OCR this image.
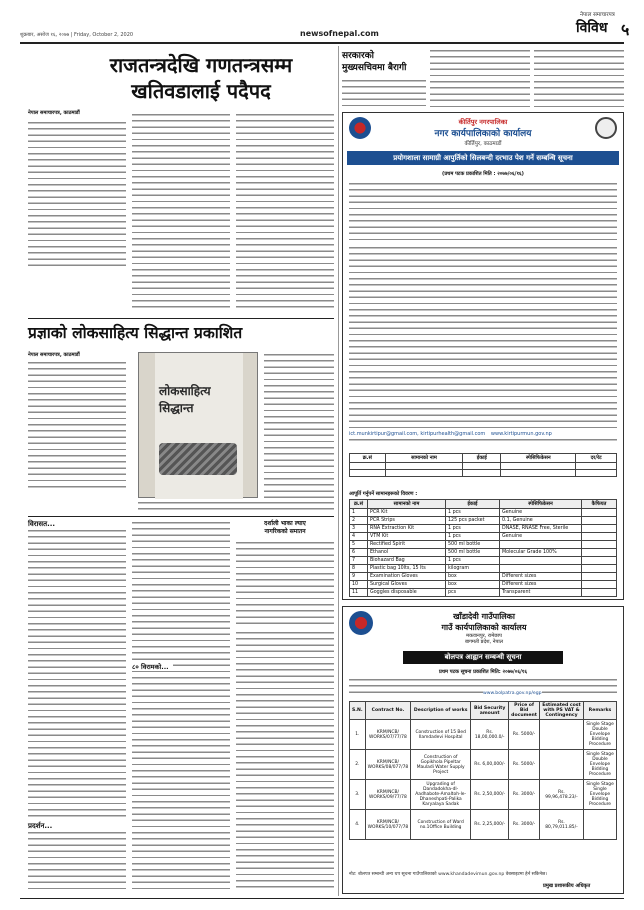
शुक्रबार, असोज १६, २०७७ | Friday, October 2, 2020	newsofnepal.com
नेपाल समाचारपत्र
विविध ५
राजतन्त्रदेखि गणतन्त्रसम्म
खतिवडालाई पदैपद
नेपाल समाचारपत्र, काठमाडौं
प्रज्ञाको लोकसाहित्य सिद्धान्त प्रकाशित
नेपाल समाचारपत्र, काठमाडौं
लोकसाहित्य सिद्धान्त
विरासत...
प्रदर्शन...
दर्शाली भाका ल्याए
नागरिकको समातन
८० विरामको...
सरकारको
मुख्यसचिवमा बैरागी
कीर्तिपुर नगरपालिका
नगर कार्यपालिकाको कार्यालय
कीर्तिपुर, काठमाडौं
प्रयोगशाला सामाग्री आपुर्तिको सिलबन्दी दरभाउ पेश गर्ने सम्बन्धि सूचना
(प्रथम पटक प्रकाशित मिति : २०७७/०६/१६)
ict.munkirtipur@gmail.com, kirtipurhealth@gmail.com www.kirtipurmun.gov.np
क्र.सं	सामानको नाम	ईकाई	स्पेसिफिकेसन	दर/रेट

आपूर्ति गर्नुपर्ने सामानहरूको विवरण :
क्र.सं	सामानको नाम	ईकाई	स्पेसिफिकेसन	कैफियत
1	PCR Kit	1 pcs	Genuine	
2	PCR Strips	125 pcs packet	0.1, Genuine	
3	RNA Extraction Kit	1 pcs	DNASE, RNASE Free, Sterile	
4	VTM Kit	1 pcs	Genuine	
5	Rectified Spirit	500 ml bottle		
6	Ethanol	500 ml bottle	Molecular Grade 100%	
7	Biohazard Bag	1 pcs		
8	Plastic bag 10lts, 15 lts	kilogram		
9	Examination Gloves	box	Different sizes	
10	Surgical Gloves	box	Different sizes	
11	Goggles disposable	pcs	Transparent	
खाँडादेवी गाउँपालिका
गाउँ कार्यपालिकाको कार्यालय
मकवानपुर, रामेछाप
बागमती प्रदेश, नेपाल
बोलपत्र आह्वान सम्बन्धी सूचना
प्रथम पटक सूचना प्रकाशित मिति: २०७७/०६/१६
www.bolpatra.gov.np/egp
S.N.	Contract No.	Description of works	Bid Security amount	Price of Bid document	Estimated cost with PS VAT & Contingency	Remarks
1.	KRM/NCB/ WORKS/07/77/78	Construction of 15 Bed Ilamdadevi Hospital	Rs. 18,00,000.0/-	Rs. 5000/-		Single Stage Double Envelope Bidding Procedure
2.	KRM/NCB/ WORKS/08/077/78	Construction of Gopikhola Pipeltar Mauladi Water Supply Project	Rs. 6,00,000/-	Rs. 5000/-		Single Stage Double Envelope Bidding Procedure
3.	KRM/NCB/ WORKS/09/77/78	Upgrading of Dandadokha-dl-Aadhabote-Amaltoh-le-Dhaneshpati-Palika Karyalaya Sadak	Rs. 2,50,000/-	Rs. 3000/-	Rs. 99,96,478.23/-	Single Stage Single Envelope Bidding Procedure
4.	KRM/NCB/ WORKS/10/077/78	Construction of Ward no.1Office Building	Rs. 2,25,000/-	Rs. 3000/-	Rs. 80,79,011.85/-	
नोट: बोलपत्र सम्बन्धी अन्य थप सूचना गाउँपालिकाको www.khandadevimun.gov.np वेबसाइटमा हेर्न सकिनेछ।
प्रमुख प्रशासकीय अधिकृत
